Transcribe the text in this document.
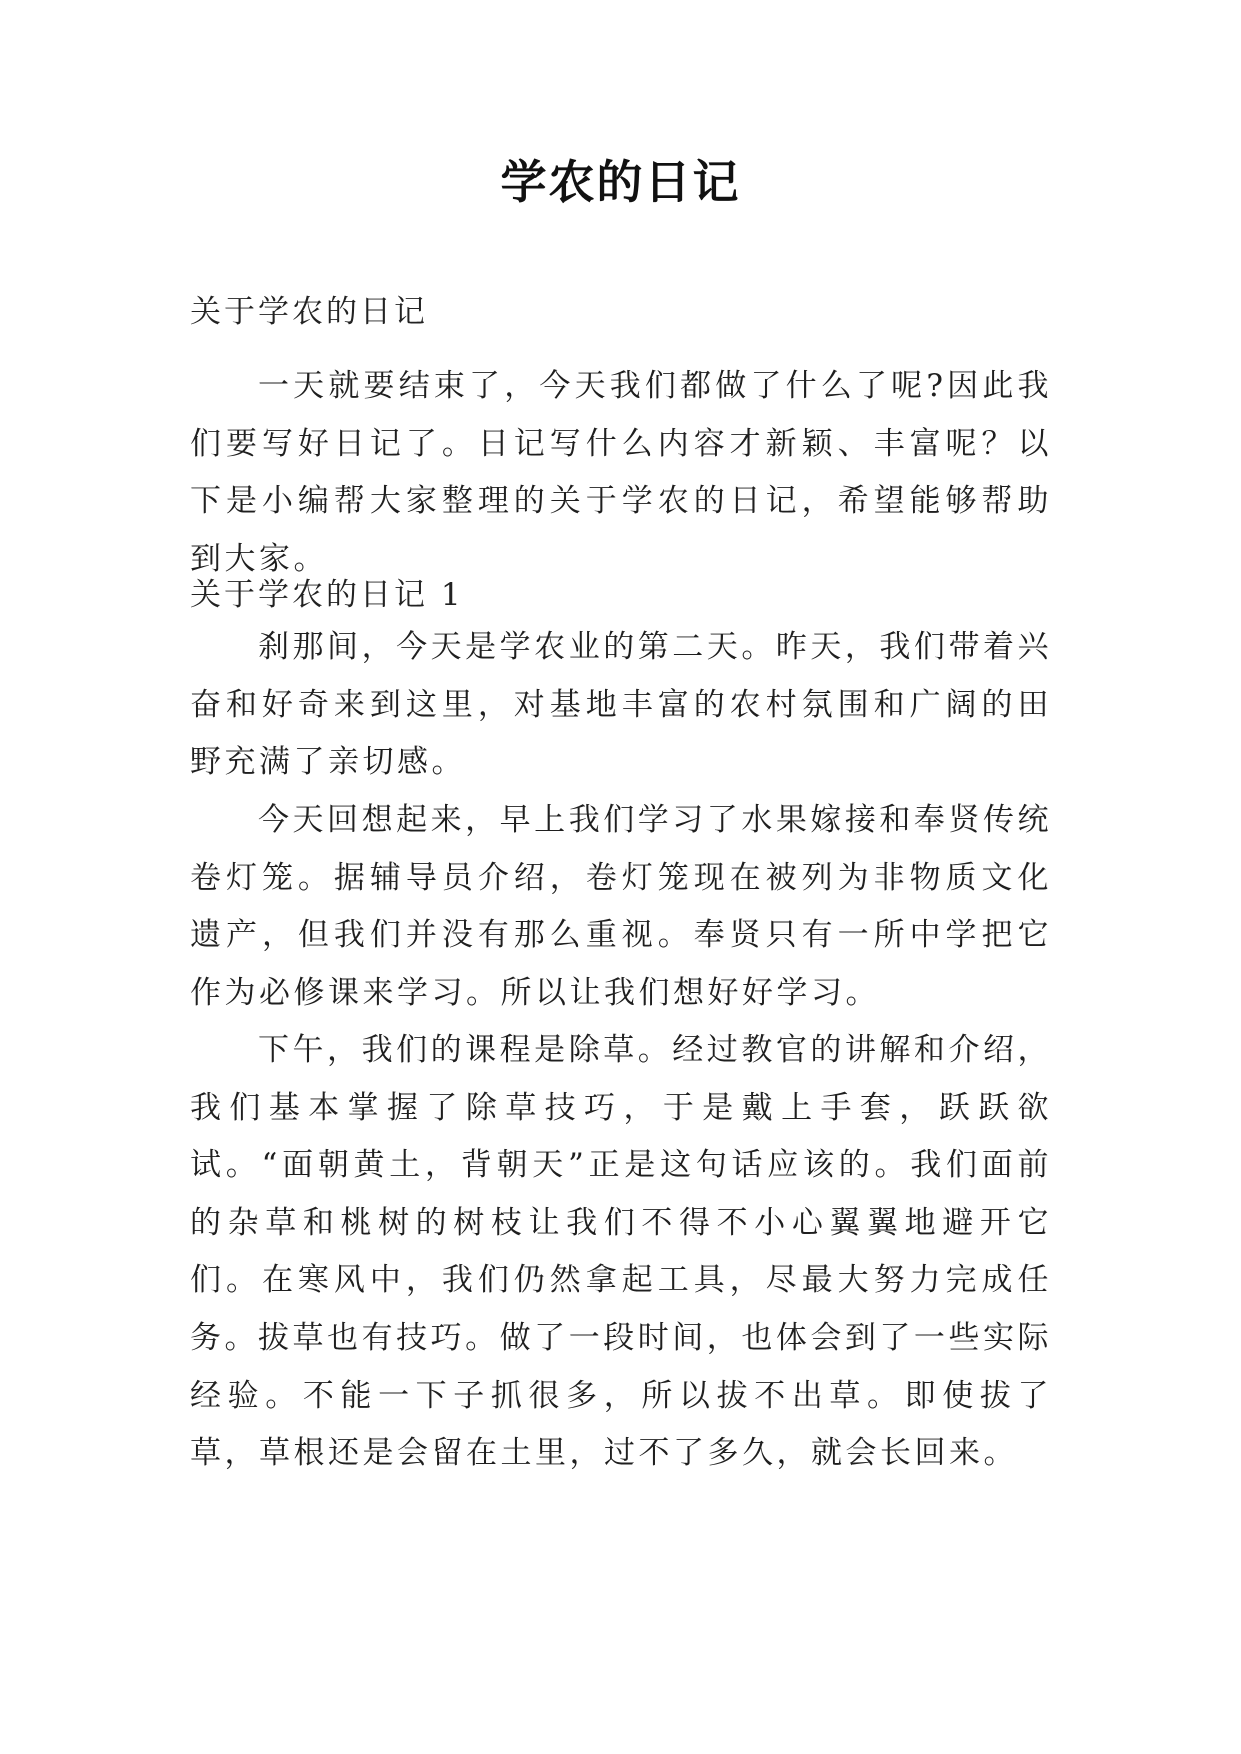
学农的日记
关于学农的日记

一天就要结束了，今天我们都做了什么了呢?因此我们要写好日记了。日记写什么内容才新颖、丰富呢？以下是小编帮大家整理的关于学农的日记，希望能够帮助到大家。

关于学农的日记 1

刹那间，今天是学农业的第二天。昨天，我们带着兴奋和好奇来到这里，对基地丰富的农村氛围和广阔的田野充满了亲切感。

今天回想起来，早上我们学习了水果嫁接和奉贤传统卷灯笼。据辅导员介绍，卷灯笼现在被列为非物质文化遗产，但我们并没有那么重视。奉贤只有一所中学把它作为必修课来学习。所以让我们想好好学习。

下午，我们的课程是除草。经过教官的讲解和介绍，我们基本掌握了除草技巧，于是戴上手套，跃跃欲试。“面朝黄土，背朝天”正是这句话应该的。我们面前的杂草和桃树的树枝让我们不得不小心翼翼地避开它们。在寒风中，我们仍然拿起工具，尽最大努力完成任务。 拔草也有技巧。做了一段时间，也体会到了一些实际经验。不能一下子抓很多，所以拔不出草。即使拔了草，草根还是会留在土里，过不了多久，就会长回来。
